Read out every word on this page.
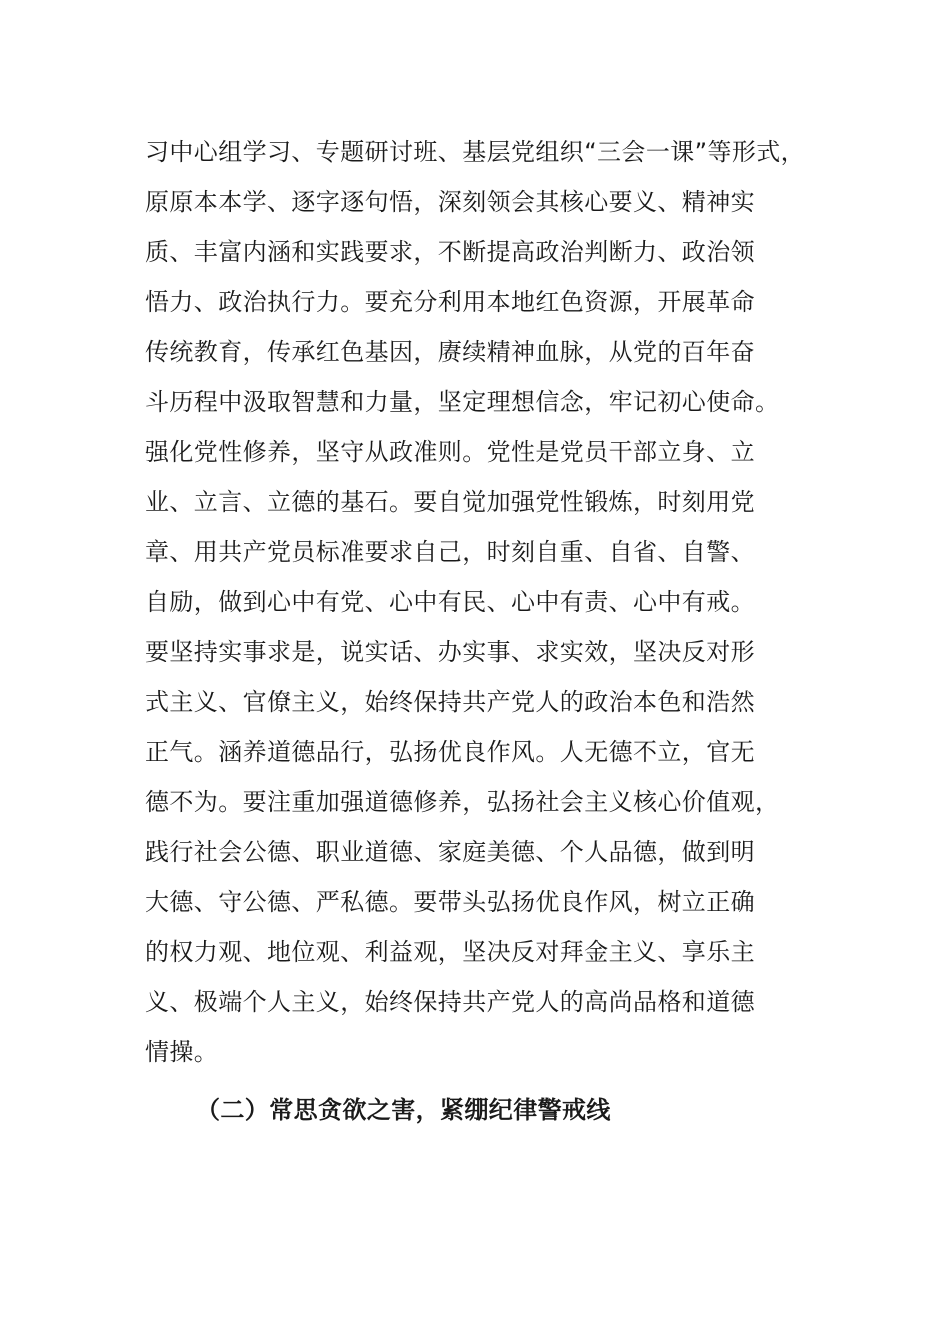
习中心组学习、专题研讨班、基层党组织“三会一课”等形式，
原原本本学、逐字逐句悟，深刻领会其核心要义、精神实
质、丰富内涵和实践要求，不断提高政治判断力、政治领
悟力、政治执行力。要充分利用本地红色资源，开展革命
传统教育，传承红色基因，赓续精神血脉，从党的百年奋
斗历程中汲取智慧和力量，坚定理想信念，牢记初心使命。
强化党性修养，坚守从政准则。党性是党员干部立身、立
业、立言、立德的基石。要自觉加强党性锻炼，时刻用党
章、用共产党员标准要求自己，时刻自重、自省、自警、
自励，做到心中有党、心中有民、心中有责、心中有戒。
要坚持实事求是，说实话、办实事、求实效，坚决反对形
式主义、官僚主义，始终保持共产党人的政治本色和浩然
正气。涵养道德品行，弘扬优良作风。人无德不立，官无
德不为。要注重加强道德修养，弘扬社会主义核心价值观，
践行社会公德、职业道德、家庭美德、个人品德，做到明
大德、守公德、严私德。要带头弘扬优良作风，树立正确
的权力观、地位观、利益观，坚决反对拜金主义、享乐主
义、极端个人主义，始终保持共产党人的高尚品格和道德
情操。
（二）常思贪欲之害，紧绷纪律警戒线
